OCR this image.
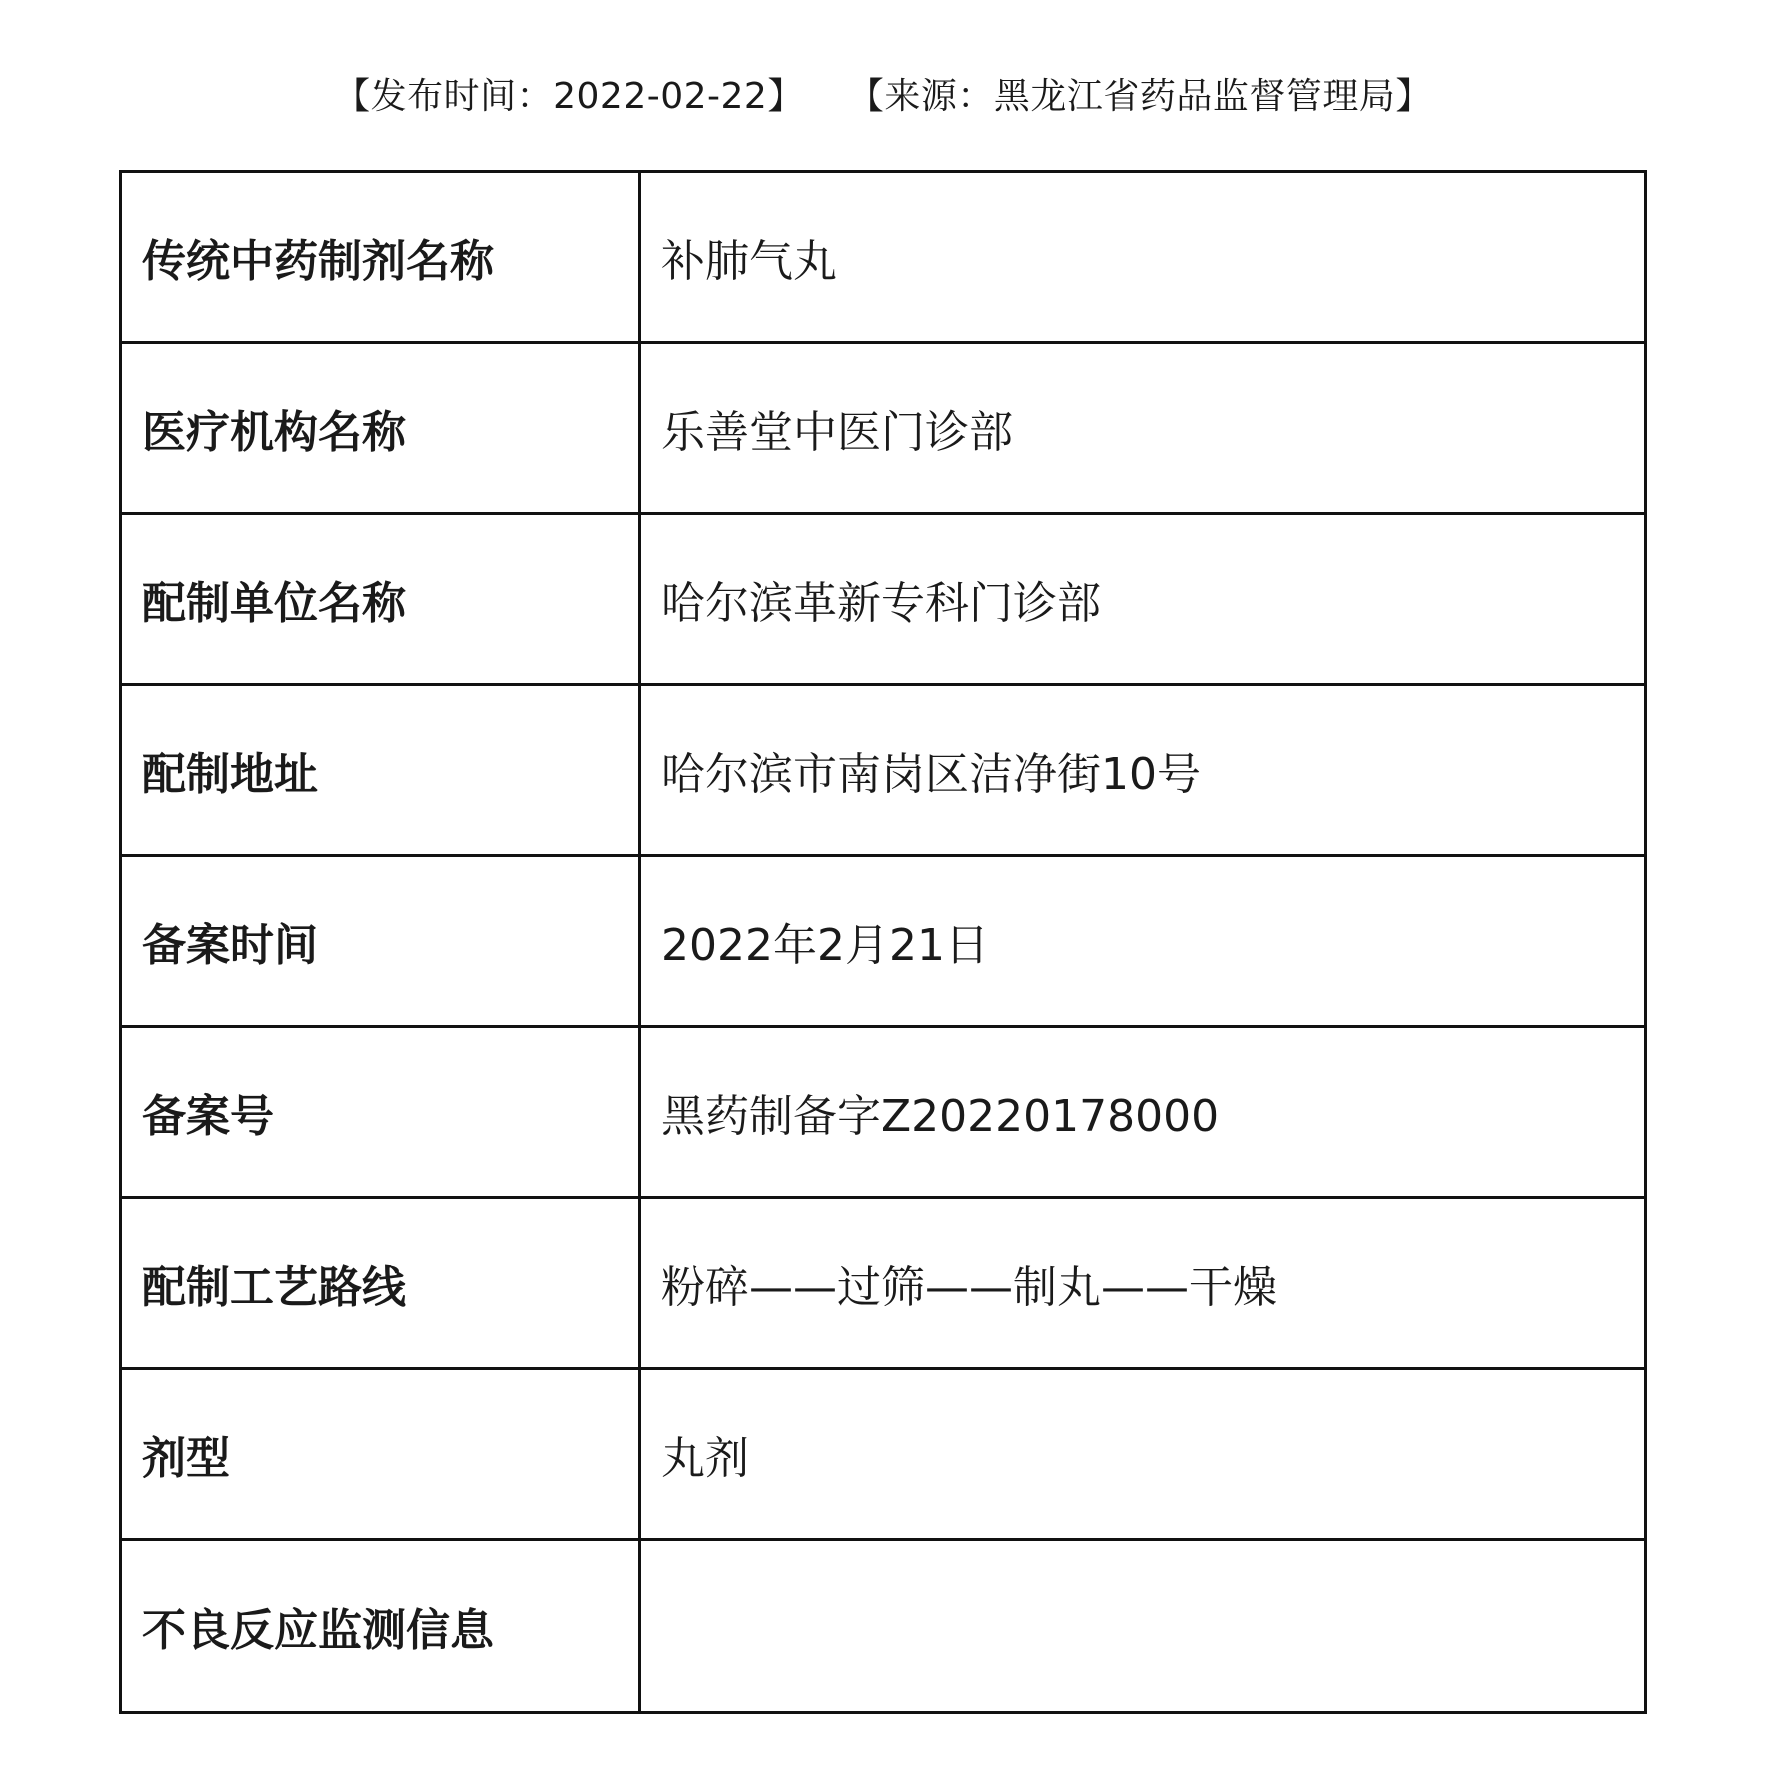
【发布时间：2022-02-22】 【来源：黑龙江省药品监督管理局】
传统中药制剂名称	补肺气丸
医疗机构名称	乐善堂中医门诊部
配制单位名称	哈尔滨革新专科门诊部
配制地址	哈尔滨市南岗区洁净街10号
备案时间	2022年2月21日
备案号	黑药制备字Z20220178000
配制工艺路线	粉碎——过筛——制丸——干燥
剂型	丸剂
不良反应监测信息	
